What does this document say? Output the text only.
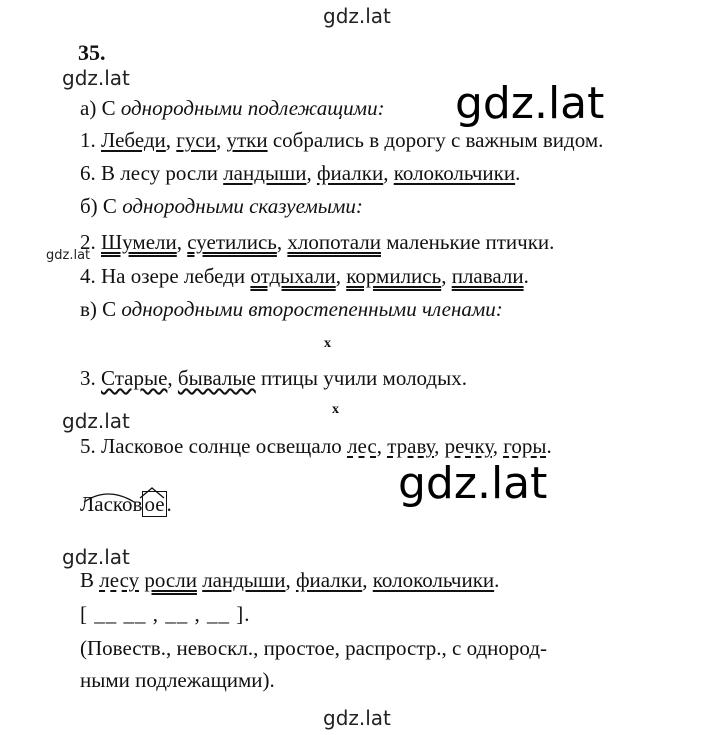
gdz.lat
35.
gdz.lat	gdz.lat
а) С однородными подлежащими:
1. Лебеди, гуси, утки собрались в дорогу с важным видом.
6. В лесу росли ландыши, фиалки, колокольчики.
б) С однородными сказуемыми:
2. Шумели, суетились, хлопотали маленькие птички.
gdz.lat
4. На озере лебеди отдыхали, кормились, плавали.
в) С однородными второстепенными членами:
х
3. Старые, бывалые птицы учили молодых.
gdz.lat	х
5. Ласковое солнце освещало лес, траву, речку, горы.
gdz.lat
Ласковое.
gdz.lat
В лесу росли ландыши, фиалки, колокольчики.
[ __ __ , __ , __ ].
(Повеств., невоскл., простое, распростр., с однород-
ными подлежащими).
gdz.lat
